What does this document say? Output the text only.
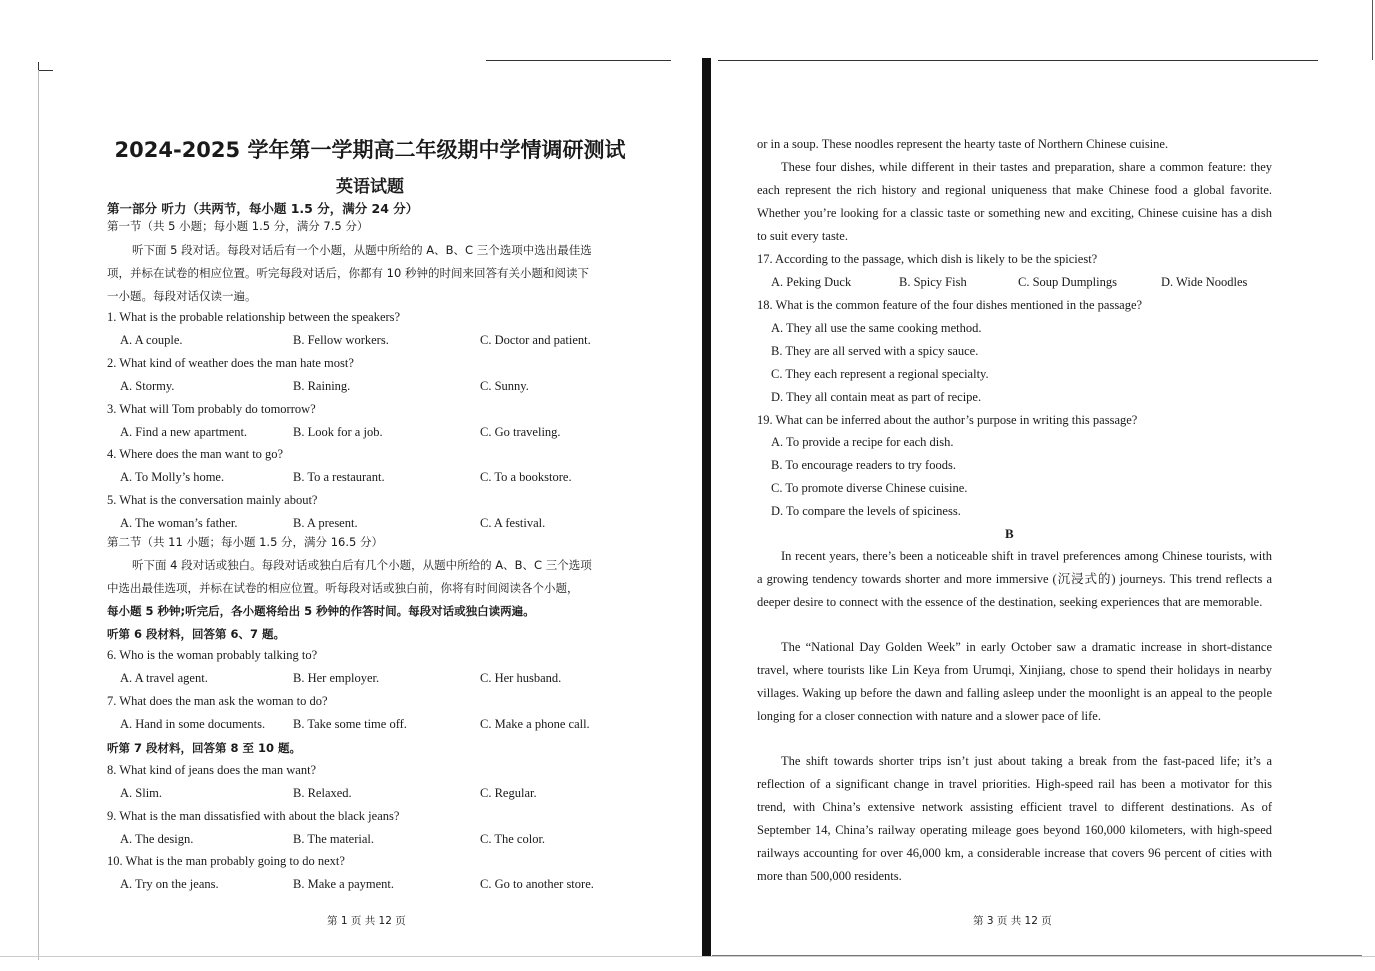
2024-2025 学年第一学期高二年级期中学情调研测试
英语试题
第一部分 听力（共两节，每小题 1.5 分，满分 24 分）
第一节（共 5 小题；每小题 1.5 分，满分 7.5 分）
听下面 5 段对话。每段对话后有一个小题，从题中所给的 A、B、C 三个选项中选出最佳选
项，并标在试卷的相应位置。听完每段对话后，你都有 10 秒钟的时间来回答有关小题和阅读下
一小题。每段对话仅读一遍。
1. What is the probable relationship between the speakers?
A. A couple.	B. Fellow workers.	C. Doctor and patient.
2. What kind of weather does the man hate most?
A. Stormy.	B. Raining.	C. Sunny.
3. What will Tom probably do tomorrow?
A. Find a new apartment.	B. Look for a job.	C. Go traveling.
4. Where does the man want to go?
A. To Molly’s home.	B. To a restaurant.	C. To a bookstore.
5. What is the conversation mainly about?
A. The woman’s father.	B. A present.	C. A festival.
第二节（共 11 小题；每小题 1.5 分，满分 16.5 分）
听下面 4 段对话或独白。每段对话或独白后有几个小题，从题中所给的 A、B、C 三个选项
中选出最佳选项，并标在试卷的相应位置。听每段对话或独白前，你将有时间阅读各个小题，
每小题 5 秒钟;听完后，各小题将给出 5 秒钟的作答时间。每段对话或独白读两遍。
听第 6 段材料，回答第 6、7 题。
6. Who is the woman probably talking to?
A. A travel agent.	B. Her employer.	C. Her husband.
7. What does the man ask the woman to do?
A. Hand in some documents. B. Take some time off.	C. Make a phone call.
听第 7 段材料，回答第 8 至 10 题。
8. What kind of jeans does the man want?
A. Slim.	B. Relaxed.	C. Regular.
9. What is the man dissatisfied with about the black jeans?
A. The design.	B. The material.	C. The color.
10. What is the man probably going to do next?
A. Try on the jeans.	B. Make a payment.	C. Go to another store.
第 1 页 共 12 页
or in a soup. These noodles represent the hearty taste of Northern Chinese cuisine.
These four dishes, while different in their tastes and preparation, share a common feature: they each represent the rich history and regional uniqueness that make Chinese food a global favorite. Whether you’re looking for a classic taste or something new and exciting, Chinese cuisine has a dish to suit every taste.
17. According to the passage, which dish is likely to be the spiciest?
A. Peking Duck	B. Spicy Fish	C. Soup Dumplings	D. Wide Noodles
18. What is the common feature of the four dishes mentioned in the passage?
A. They all use the same cooking method.
B. They are all served with a spicy sauce.
C. They each represent a regional specialty.
D. They all contain meat as part of recipe.
19. What can be inferred about the author’s purpose in writing this passage?
A. To provide a recipe for each dish.
B. To encourage readers to try foods.
C. To promote diverse Chinese cuisine.
D. To compare the levels of spiciness.
B
In recent years, there’s been a noticeable shift in travel preferences among Chinese tourists, with a growing tendency towards shorter and more immersive (沉浸式的) journeys. This trend reflects a deeper desire to connect with the essence of the destination, seeking experiences that are memorable.
The “National Day Golden Week” in early October saw a dramatic increase in short-distance travel, where tourists like Lin Keya from Urumqi, Xinjiang, chose to spend their holidays in nearby villages. Waking up before the dawn and falling asleep under the moonlight is an appeal to the people longing for a closer connection with nature and a slower pace of life.
The shift towards shorter trips isn’t just about taking a break from the fast-paced life; it’s a reflection of a significant change in travel priorities. High-speed rail has been a motivator for this trend, with China’s extensive network assisting efficient travel to different destinations. As of September 14, China’s railway operating mileage goes beyond 160,000 kilometers, with high-speed railways accounting for over 46,000 km, a considerable increase that covers 96 percent of cities with more than 500,000 residents.
第 3 页 共 12 页
